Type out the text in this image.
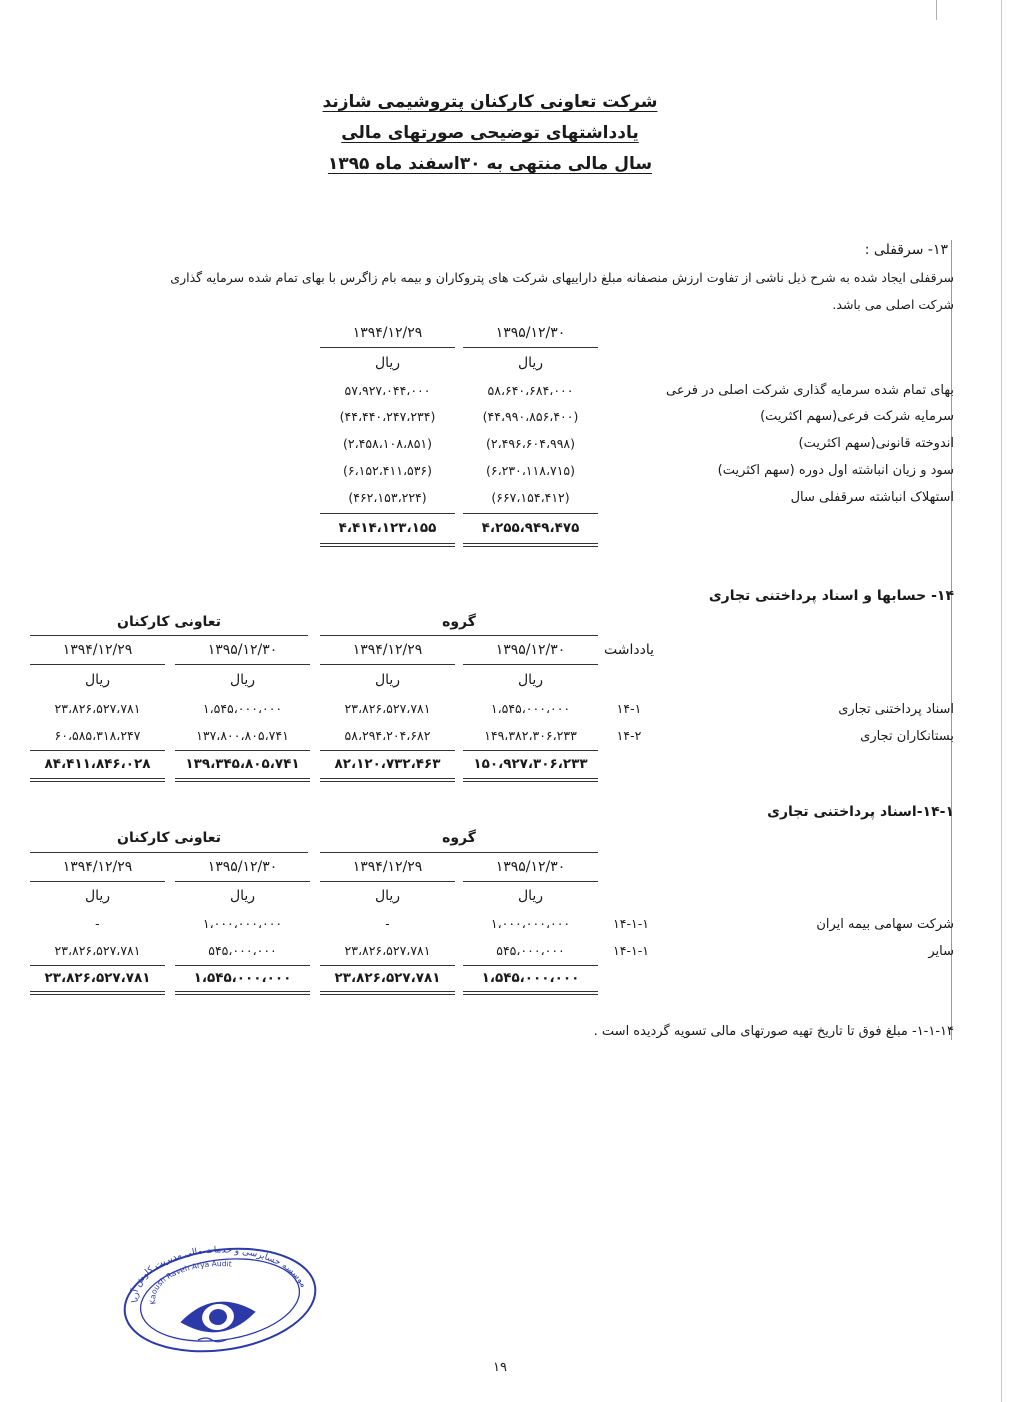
شرکت تعاونی کارکنان پتروشیمی شازند
یادداشتهای توضیحی صورتهای مالی
سال مالی منتهی به ۳۰اسفند ماه ۱۳۹۵
۱۳- سرقفلی :
سرقفلی ایجاد شده به شرح ذیل ناشی از تفاوت ارزش منصفانه مبلغ داراییهای شرکت های پتروکاران و بیمه بام زاگرس با بهای تمام شده سرمایه گذاری
شرکت اصلی می باشد.
۱۳۹۵/۱۲/۳۰
۱۳۹۴/۱۲/۲۹
ریال
ریال
بهای تمام شده سرمایه گذاری شرکت اصلی در فرعی
۵۸،۶۴۰،۶۸۴،۰۰۰
۵۷،۹۲۷،۰۴۴،۰۰۰
سرمایه شرکت فرعی(سهم اکثریت)
(۴۴،۹۹۰،۸۵۶،۴۰۰)
(۴۴،۴۴۰،۲۴۷،۲۳۴)
اندوخته قانونی(سهم اکثریت)
(۲،۴۹۶،۶۰۴،۹۹۸)
(۲،۴۵۸،۱۰۸،۸۵۱)
سود و زیان انباشته اول دوره (سهم اکثریت)
(۶،۲۳۰،۱۱۸،۷۱۵)
(۶،۱۵۲،۴۱۱،۵۳۶)
استهلاک انباشته سرقفلی سال
(۶۶۷،۱۵۴،۴۱۲)
(۴۶۲،۱۵۳،۲۲۴)
۴،۲۵۵،۹۴۹،۴۷۵
۴،۴۱۴،۱۲۳،۱۵۵
۱۴- حسابها و اسناد پرداختنی تجاری
گروه
تعاونی کارکنان
یادداشت
۱۳۹۵/۱۲/۳۰
۱۳۹۴/۱۲/۲۹
۱۳۹۵/۱۲/۳۰
۱۳۹۴/۱۲/۲۹
ریال
ریال
ریال
ریال
اسناد پرداختنی تجاری
۱۴-۱
۱،۵۴۵،۰۰۰،۰۰۰
۲۳،۸۲۶،۵۲۷،۷۸۱
۱،۵۴۵،۰۰۰،۰۰۰
۲۳،۸۲۶،۵۲۷،۷۸۱
بستانکاران تجاری
۱۴-۲
۱۴۹،۳۸۲،۳۰۶،۲۳۳
۵۸،۲۹۴،۲۰۴،۶۸۲
۱۳۷،۸۰۰،۸۰۵،۷۴۱
۶۰،۵۸۵،۳۱۸،۲۴۷
۱۵۰،۹۲۷،۳۰۶،۲۳۳
۸۲،۱۲۰،۷۳۲،۴۶۳
۱۳۹،۳۴۵،۸۰۵،۷۴۱
۸۴،۴۱۱،۸۴۶،۰۲۸
۱۴-۱-اسناد پرداختنی تجاری
گروه
تعاونی کارکنان
۱۳۹۵/۱۲/۳۰
۱۳۹۴/۱۲/۲۹
۱۳۹۵/۱۲/۳۰
۱۳۹۴/۱۲/۲۹
ریال
ریال
ریال
ریال
شرکت سهامی بیمه ایران
۱۴-۱-۱
۱،۰۰۰،۰۰۰،۰۰۰
-
۱،۰۰۰،۰۰۰،۰۰۰
-
سایر
۱۴-۱-۱
۵۴۵،۰۰۰،۰۰۰
۲۳،۸۲۶،۵۲۷،۷۸۱
۵۴۵،۰۰۰،۰۰۰
۲۳،۸۲۶،۵۲۷،۷۸۱
۱،۵۴۵،۰۰۰،۰۰۰
۲۳،۸۲۶،۵۲۷،۷۸۱
۱،۵۴۵،۰۰۰،۰۰۰
۲۳،۸۲۶،۵۲۷،۷۸۱
۱-۱-۱۴- مبلغ فوق تا تاریخ تهیه صورتهای مالی تسویه گردیده است .
موسسه حسابرسی و خدمات مالی مدیریت کاوش آریا
Kaoush Raveh Arya Audit
۱۹
